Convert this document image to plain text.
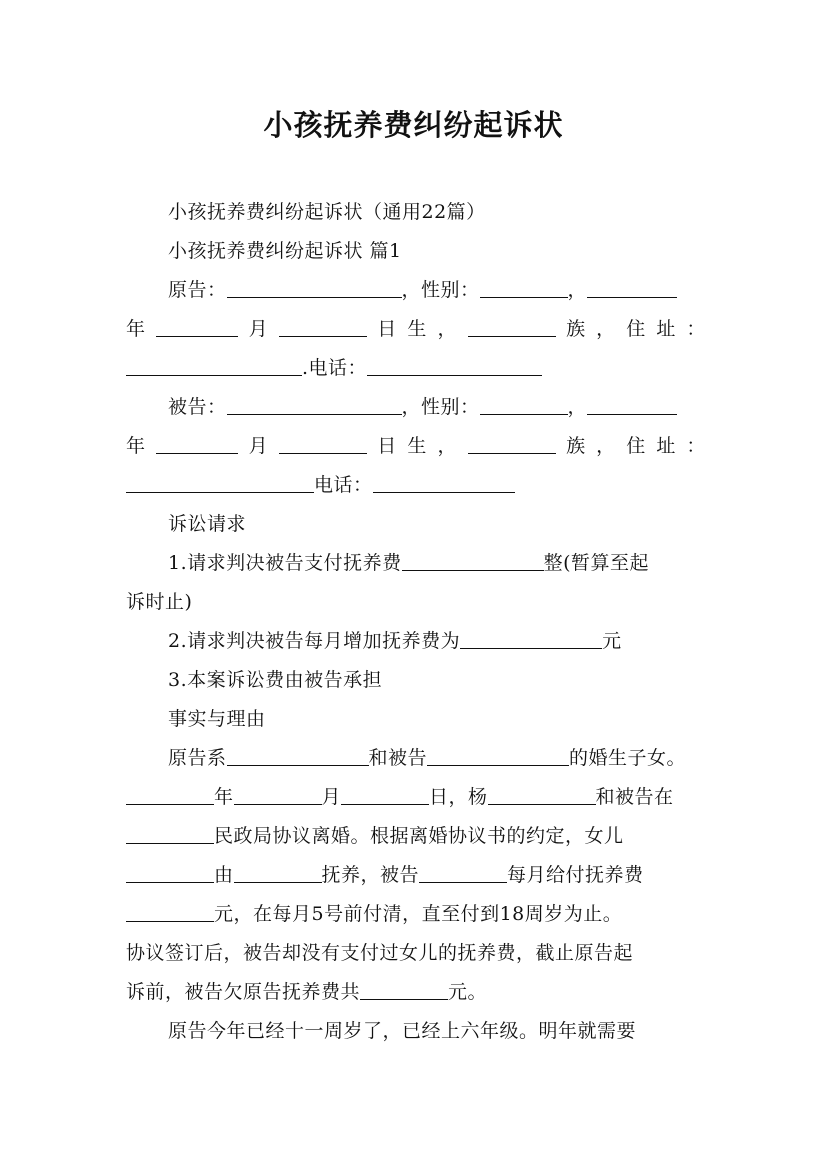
小孩抚养费纠纷起诉状
小孩抚养费纠纷起诉状（通用22篇）
小孩抚养费纠纷起诉状 篇1
原告：	，性别：	，
年	月	日 生 ，	族 ， 住 址 ：
.电话：
被告：	，性别：	，
年	月	日 生 ，	族 ， 住 址 ：
电话：
诉讼请求
1.请求判决被告支付抚养费	整(暂算至起
诉时止)
2.请求判决被告每月增加抚养费为	元
3.本案诉讼费由被告承担
事实与理由
原告系	和被告	的婚生子女。
年	月	日，杨	和被告在
民政局协议离婚。根据离婚协议书的约定，女儿
由	抚养，被告	每月给付抚养费
元，在每月5号前付清，直至付到18周岁为止。
协议签订后，被告却没有支付过女儿的抚养费，截止原告起
诉前，被告欠原告抚养费共	元。
原告今年已经十一周岁了，已经上六年级。明年就需要
